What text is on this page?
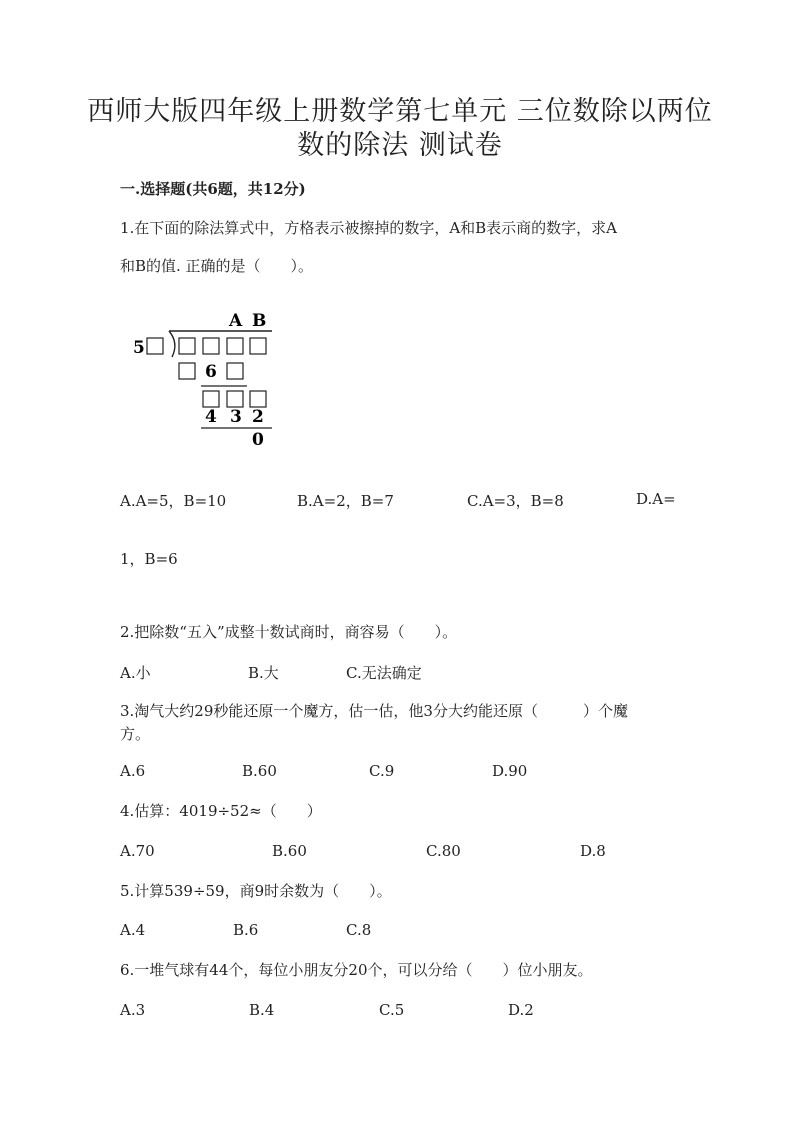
西师大版四年级上册数学第七单元 三位数除以两位
数的除法 测试卷
一.选择题(共6题，共12分)
1.在下面的除法算式中，方格表示被擦掉的数字，A和B表示商的数字，求A
和B的值. 正确的是（　　）。
A B
5
6
4 3 2
0
A.A=5，B=10	B.A=2，B=7	C.A=3，B=8	D.A=
1，B=6
2.把除数“五入”成整十数试商时，商容易（　　）。
A.小	B.大	C.无法确定
3.淘气大约29秒能还原一个魔方，估一估，他3分大约能还原（　　　）个魔
方。
A.6	B.60	C.9	D.90
4.估算：4019÷52≈（　　）
A.70	B.60	C.80	D.8
5.计算539÷59，商9时余数为（　　）。
A.4	B.6	C.8
6.一堆气球有44个，每位小朋友分20个，可以分给（　　）位小朋友。
A.3	B.4	C.5	D.2
